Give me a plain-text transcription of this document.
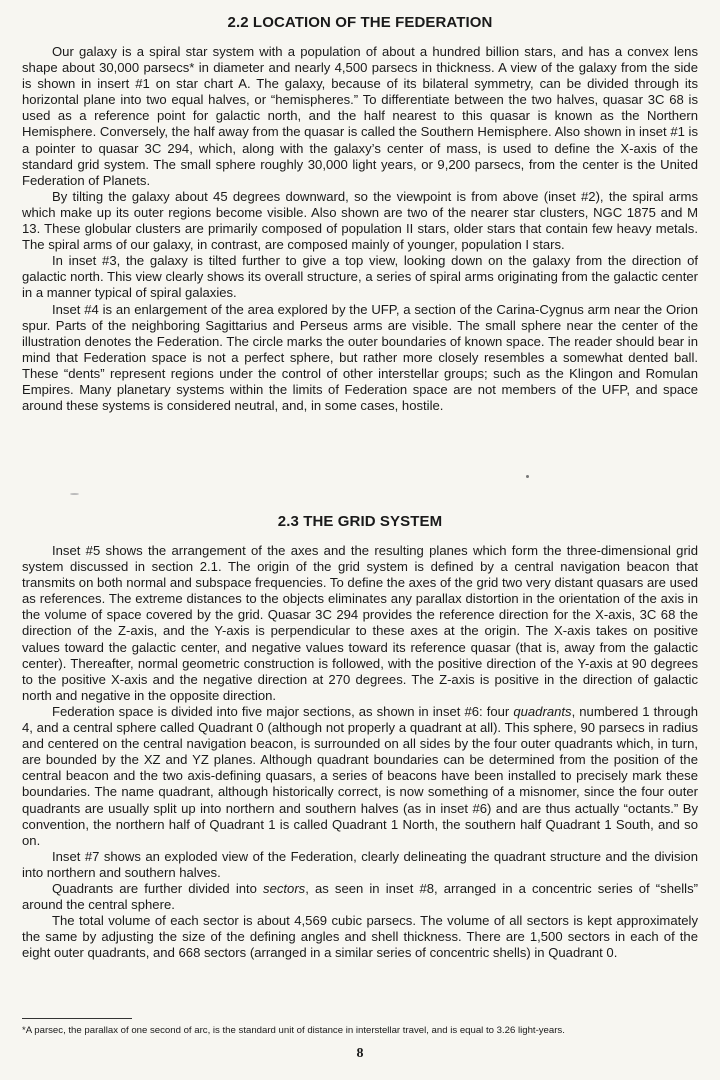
2.2 LOCATION OF THE FEDERATION

Our galaxy is a spiral star system with a population of about a hundred billion stars, and has a convex lens shape about 30,000 parsecs* in diameter and nearly 4,500 parsecs in thickness. A view of the galaxy from the side is shown in insert #1 on star chart A. The galaxy, because of its bilateral symmetry, can be divided through its horizontal plane into two equal halves, or “hemispheres.” To differentiate between the two halves, quasar 3C 68 is used as a reference point for galactic north, and the half nearest to this quasar is known as the Northern Hemisphere. Conversely, the half away from the quasar is called the Southern Hemisphere. Also shown in inset #1 is a pointer to quasar 3C 294, which, along with the galaxy’s center of mass, is used to define the X-axis of the standard grid system. The small sphere roughly 30,000 light years, or 9,200 parsecs, from the center is the United Federation of Planets.

By tilting the galaxy about 45 degrees downward, so the viewpoint is from above (inset #2), the spiral arms which make up its outer regions become visible. Also shown are two of the nearer star clusters, NGC 1875 and M 13. These globular clusters are primarily composed of population II stars, older stars that contain few heavy metals. The spiral arms of our galaxy, in contrast, are composed mainly of younger, population I stars.

In inset #3, the galaxy is tilted further to give a top view, looking down on the galaxy from the direction of galactic north. This view clearly shows its overall structure, a series of spiral arms originating from the galactic center in a manner typical of spiral galaxies.

Inset #4 is an enlargement of the area explored by the UFP, a section of the Carina-Cygnus arm near the Orion spur. Parts of the neighboring Sagittarius and Perseus arms are visible. The small sphere near the center of the illustration denotes the Federation. The circle marks the outer boundaries of known space. The reader should bear in mind that Federation space is not a perfect sphere, but rather more closely resembles a somewhat dented ball. These “dents” represent regions under the control of other interstellar groups; such as the Klingon and Romulan Empires. Many planetary systems within the limits of Federation space are not members of the UFP, and space around these systems is considered neutral, and, in some cases, hostile.

2.3 THE GRID SYSTEM

Inset #5 shows the arrangement of the axes and the resulting planes which form the three-dimensional grid system discussed in section 2.1. The origin of the grid system is defined by a central navigation beacon that transmits on both normal and subspace frequencies. To define the axes of the grid two very distant quasars are used as references. The extreme distances to the objects eliminates any parallax distortion in the orientation of the axis in the volume of space covered by the grid. Quasar 3C 294 provides the reference direction for the X-axis, 3C 68 the direction of the Z-axis, and the Y-axis is perpendicular to these axes at the origin. The X-axis takes on positive values toward the galactic center, and negative values toward its reference quasar (that is, away from the galactic center). Thereafter, normal geometric construction is followed, with the positive direction of the Y-axis at 90 degrees to the positive X-axis and the negative direction at 270 degrees. The Z-axis is positive in the direction of galactic north and negative in the opposite direction.

Federation space is divided into five major sections, as shown in inset #6: four quadrants, numbered 1 through 4, and a central sphere called Quadrant 0 (although not properly a quadrant at all). This sphere, 90 parsecs in radius and centered on the central navigation beacon, is surrounded on all sides by the four outer quadrants which, in turn, are bounded by the XZ and YZ planes. Although quadrant boundaries can be determined from the position of the central beacon and the two axis-defining quasars, a series of beacons have been installed to precisely mark these boundaries. The name quadrant, although historically correct, is now something of a misnomer, since the four outer quadrants are usually split up into northern and southern halves (as in inset #6) and are thus actually “octants.” By convention, the northern half of Quadrant 1 is called Quadrant 1 North, the southern half Quadrant 1 South, and so on.

Inset #7 shows an exploded view of the Federation, clearly delineating the quadrant structure and the division into northern and southern halves.

Quadrants are further divided into sectors, as seen in inset #8, arranged in a concentric series of “shells” around the central sphere.

The total volume of each sector is about 4,569 cubic parsecs. The volume of all sectors is kept approximately the same by adjusting the size of the defining angles and shell thickness. There are 1,500 sectors in each of the eight outer quadrants, and 668 sectors (arranged in a similar series of concentric shells) in Quadrant 0.

*A parsec, the parallax of one second of arc, is the standard unit of distance in interstellar travel, and is equal to 3.26 light-years.
8
